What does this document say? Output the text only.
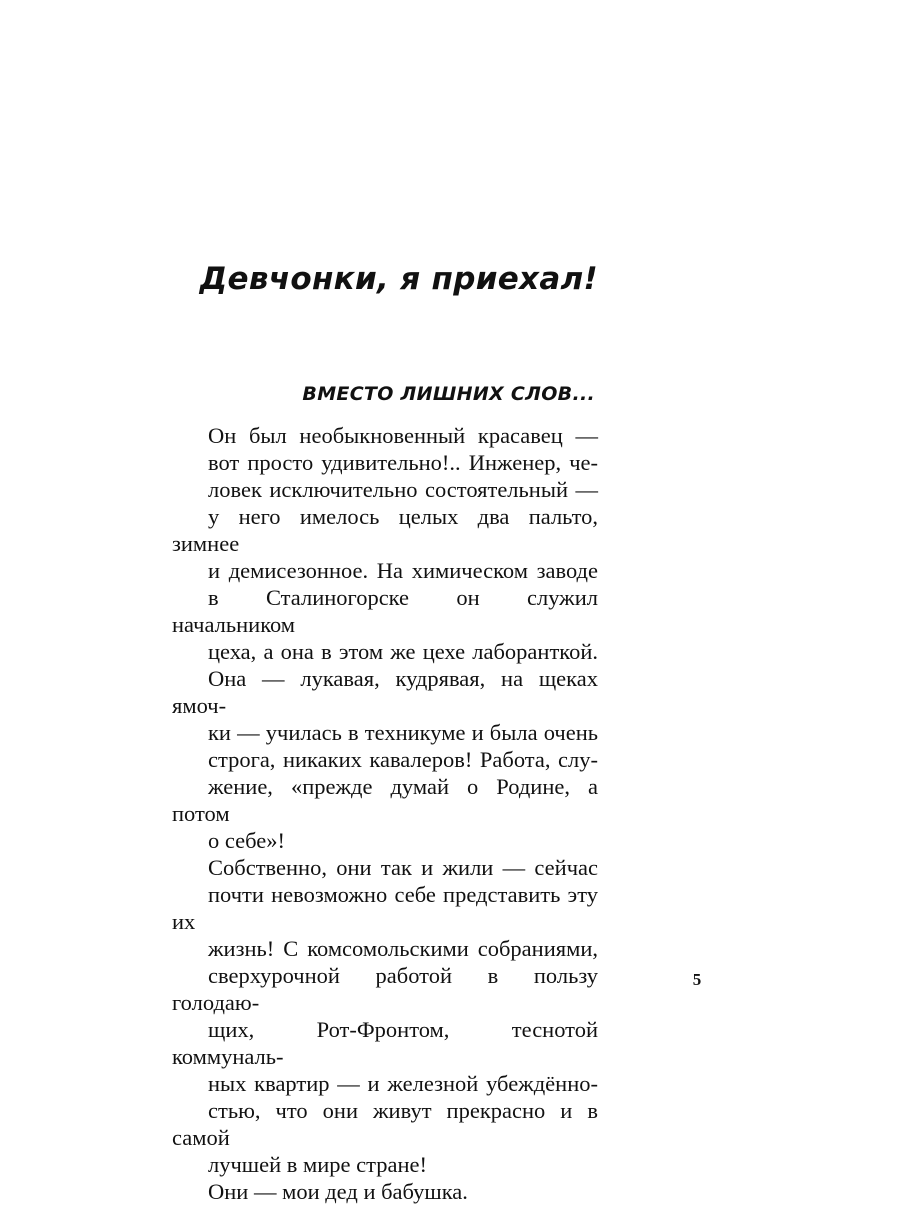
Девчонки, я приехал!
ВМЕСТО ЛИШНИХ СЛОВ...

Он был необыкновенный красавец —
вот просто удивительно!.. Инженер, че-
ловек исключительно состоятельный —
у него имелось целых два пальто, зимнее
и демисезонное. На химическом заводе
в Сталиногорске он служил начальником
цеха, а она в этом же цехе лаборанткой.
Она — лукавая, кудрявая, на щеках ямоч-
ки — училась в техникуме и была очень
строга, никаких кавалеров! Работа, слу-
жение, «прежде думай о Родине, а потом
о себе»!

Собственно, они так и жили — сейчас
почти невозможно себе представить эту их
жизнь! С комсомольскими собраниями,
сверхурочной работой в пользу голодаю-
щих, Рот-Фронтом, теснотой коммуналь-
ных квартир — и железной убеждённо-
стью, что они живут прекрасно и в самой
лучшей в мире стране!

Они — мои дед и бабушка.

5
